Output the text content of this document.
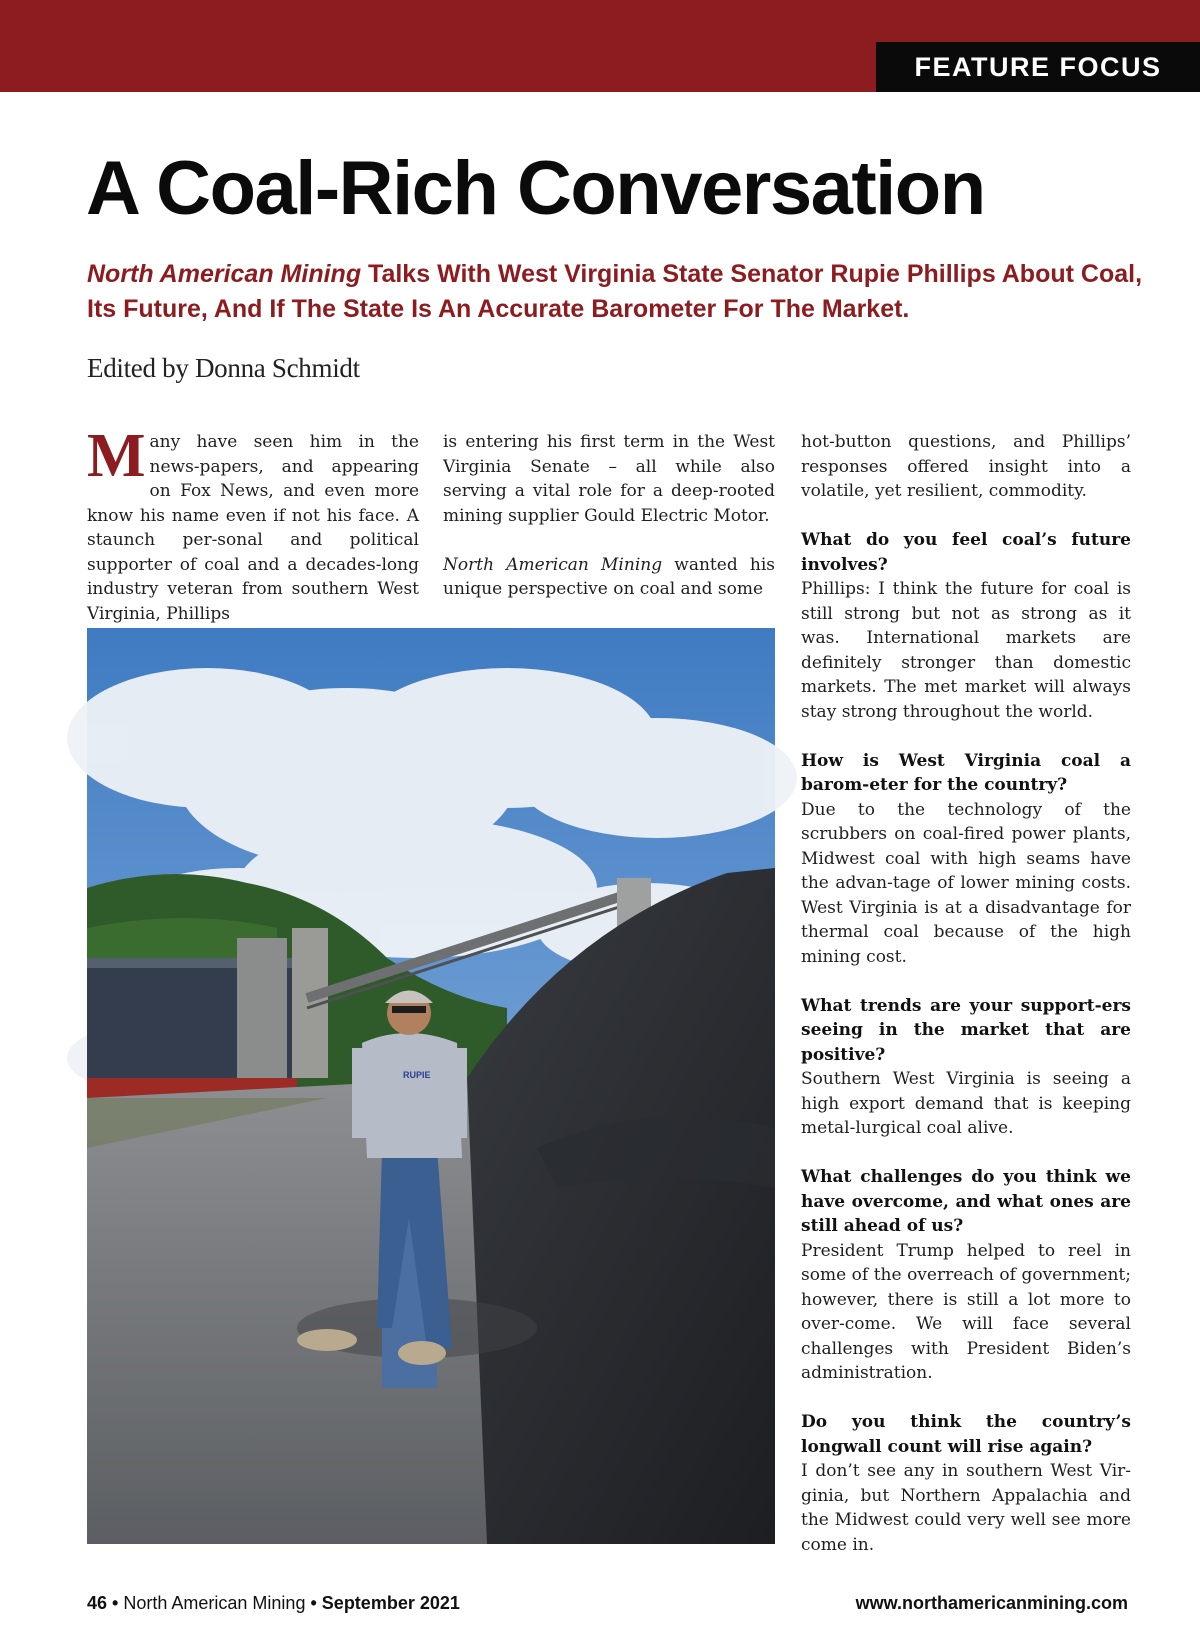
FEATURE FOCUS
A Coal-Rich Conversation
North American Mining Talks With West Virginia State Senator Rupie Phillips About Coal, Its Future, And If The State Is An Accurate Barometer For The Market.
Edited by Donna Schmidt

Many have seen him in the news-papers, and appearing on Fox News, and even more know his name even if not his face. A staunch per-sonal and political supporter of coal and a decades-long industry veteran from southern West Virginia, Phillips

is entering his first term in the West Virginia Senate – all while also serving a vital role for a deep-rooted mining supplier Gould Electric Motor.

North American Mining wanted his unique perspective on coal and some

hot-button questions, and Phillips’ responses offered insight into a volatile, yet resilient, commodity.

What do you feel coal’s future involves?
Phillips: I think the future for coal is still strong but not as strong as it was. International markets are definitely stronger than domestic markets. The met market will always stay strong throughout the world.
How is West Virginia coal a barom-eter for the country?
Due to the technology of the scrubbers on coal-fired power plants, Midwest coal with high seams have the advan-tage of lower mining costs. West Virginia is at a disadvantage for thermal coal because of the high mining cost.
What trends are your support-ers seeing in the market that are positive?
Southern West Virginia is seeing a high export demand that is keeping metal-lurgical coal alive.
What challenges do you think we have overcome, and what ones are still ahead of us?
President Trump helped to reel in some of the overreach of government; however, there is still a lot more to over-come. We will face several challenges with President Biden’s administration.
Do you think the country’s longwall count will rise again?
I don’t see any in southern West Vir-ginia, but Northern Appalachia and the Midwest could very well see more come in.
RUPIE
46 • North American Mining • September 2021	www.northamericanmining.com
